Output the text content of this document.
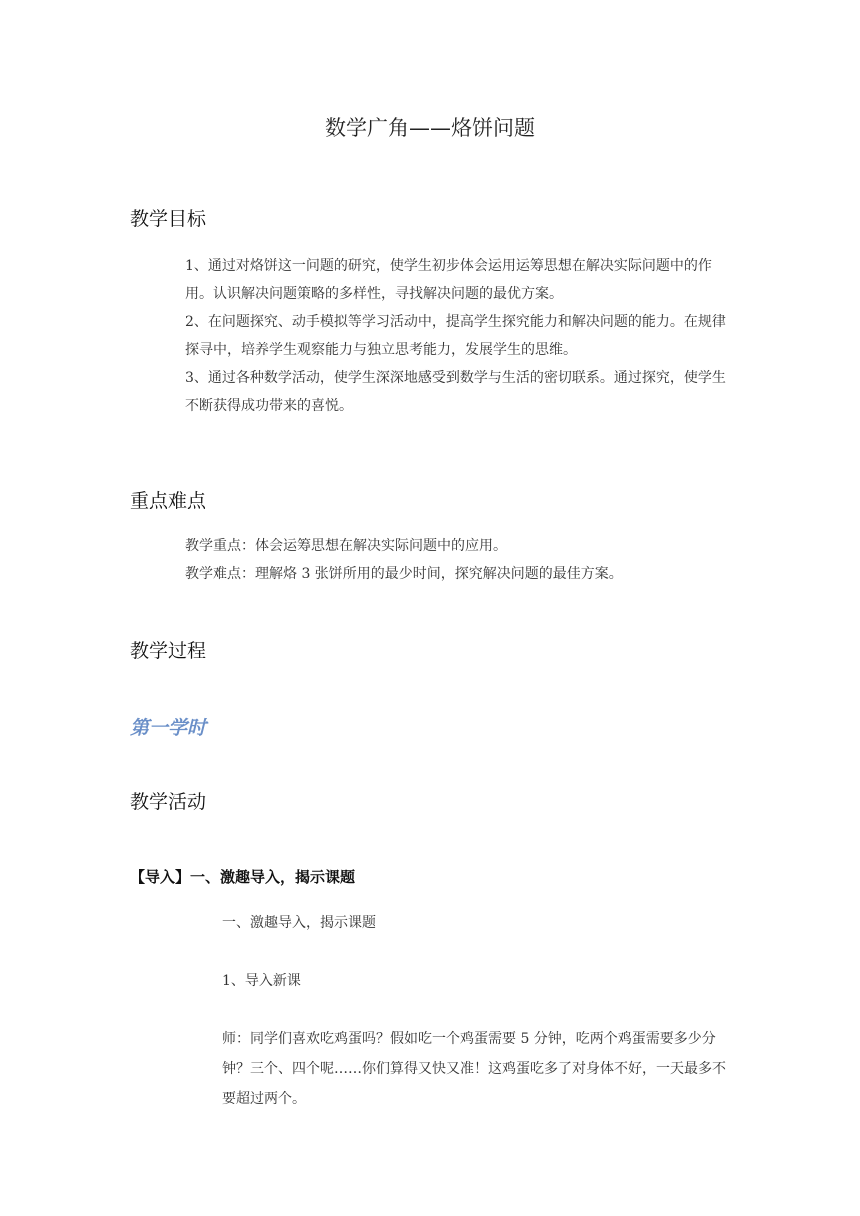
数学广角——烙饼问题
教学目标

1、通过对烙饼这一问题的研究，使学生初步体会运用运筹思想在解决实际问题中的作用。认识解决问题策略的多样性，寻找解决问题的最优方案。

2、在问题探究、动手模拟等学习活动中，提高学生探究能力和解决问题的能力。在规律探寻中，培养学生观察能力与独立思考能力，发展学生的思维。

3、通过各种数学活动，使学生深深地感受到数学与生活的密切联系。通过探究，使学生不断获得成功带来的喜悦。

重点难点

教学重点：体会运筹思想在解决实际问题中的应用。

教学难点：理解烙 3 张饼所用的最少时间，探究解决问题的最佳方案。

教学过程
第一学时
教学活动
【导入】一、激趣导入，揭示课题

一、激趣导入，揭示课题

1、导入新课

师：同学们喜欢吃鸡蛋吗？假如吃一个鸡蛋需要 5 分钟，吃两个鸡蛋需要多少分钟？三个、四个呢……你们算得又快又准！这鸡蛋吃多了对身体不好，一天最多不要超过两个。
